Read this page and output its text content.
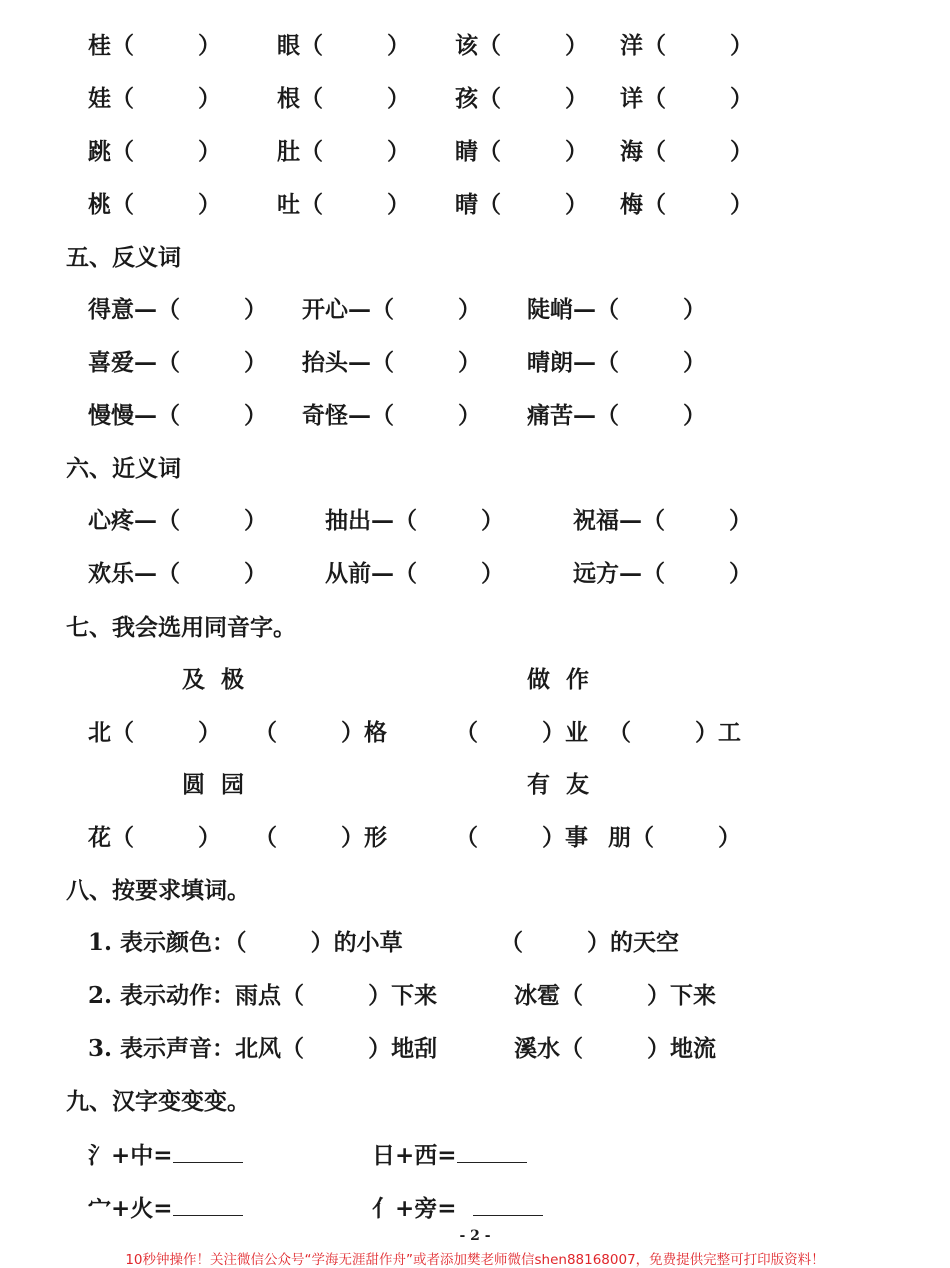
桂（        ） 眼（        ） 该（        ） 洋（        ）
娃（        ） 根（        ） 孩（        ） 详（        ）
跳（        ） 肚（        ） 睛（        ） 海（        ）
桃（        ） 吐（        ） 晴（        ） 梅（        ）
五、反义词
得意—（        ） 开心—（        ） 陡峭—（        ）
喜爱—（        ） 抬头—（        ） 晴朗—（        ）
慢慢—（        ） 奇怪—（        ） 痛苦—（        ）
六、近义词
心疼—（        ）	抽出—（        ）	祝福—（        ）
欢乐—（        ）	从前—（        ）	远方—（        ）
七、我会选用同音字。
及  极	做  作
北（        ） （        ）格	（        ）业 （        ）工
圆  园	有  友
花（        ） （        ）形	（        ）事 朋（        ）
八、按要求填词。
1. 表示颜色：（        ）的小草	（        ）的天空
2. 表示动作：雨点（        ）下来	冰雹（        ）下来
3. 表示声音：北风（        ）地刮	溪水（        ）地流
九、汉字变变变。
氵+中=	日+西=
宀+火=	亻+旁=
- 2 -
10秒钟操作！关注微信公众号“学海无涯甜作舟”或者添加樊老师微信shen88168007，免费提供完整可打印版资料！
